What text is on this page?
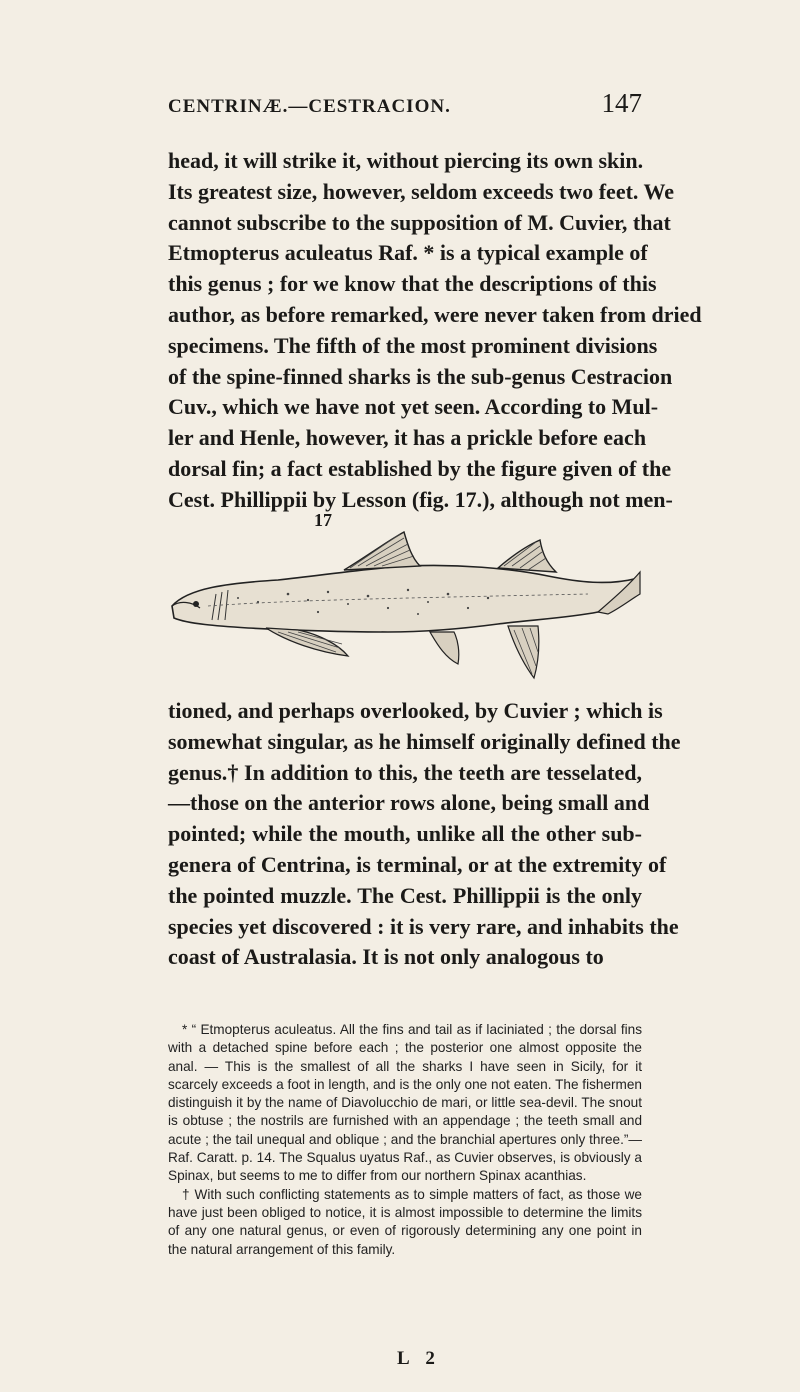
CENTRINÆ.—CESTRACION.	147
head, it will strike it, without piercing its own skin.
Its greatest size, however, seldom exceeds two feet. We
cannot subscribe to the supposition of M. Cuvier, that
Etmopterus aculeatus Raf. * is a typical example of
this genus ; for we know that the descriptions of this
author, as before remarked, were never taken from dried
specimens. The fifth of the most prominent divisions
of the spine-finned sharks is the sub-genus Cestracion
Cuv., which we have not yet seen. According to Mul-
ler and Henle, however, it has a prickle before each
dorsal fin; a fact established by the figure given of the
Cest. Phillippii by Lesson (fig. 17.), although not men-
17
tioned, and perhaps overlooked, by Cuvier ; which is
somewhat singular, as he himself originally defined the
genus.† In addition to this, the teeth are tesselated,
—those on the anterior rows alone, being small and
pointed; while the mouth, unlike all the other sub-
genera of Centrina, is terminal, or at the extremity of
the pointed muzzle. The Cest. Phillippii is the only
species yet discovered : it is very rare, and inhabits the
coast of Australasia. It is not only analogous to

* “ Etmopterus aculeatus. All the fins and tail as if laciniated ; the dorsal fins with a detached spine before each ; the posterior one almost opposite the anal. — This is the smallest of all the sharks I have seen in Sicily, for it scarcely exceeds a foot in length, and is the only one not eaten. The fishermen distinguish it by the name of Diavolucchio de mari, or little sea-devil. The snout is obtuse ; the nostrils are furnished with an appendage ; the teeth small and acute ; the tail unequal and oblique ; and the branchial apertures only three.”—Raf. Caratt. p. 14. The Squalus uyatus Raf., as Cuvier observes, is obviously a Spinax, but seems to me to differ from our northern Spinax acanthias.

† With such conflicting statements as to simple matters of fact, as those we have just been obliged to notice, it is almost impossible to determine the limits of any one natural genus, or even of rigorously determining any one point in the natural arrangement of this family.

L 2
